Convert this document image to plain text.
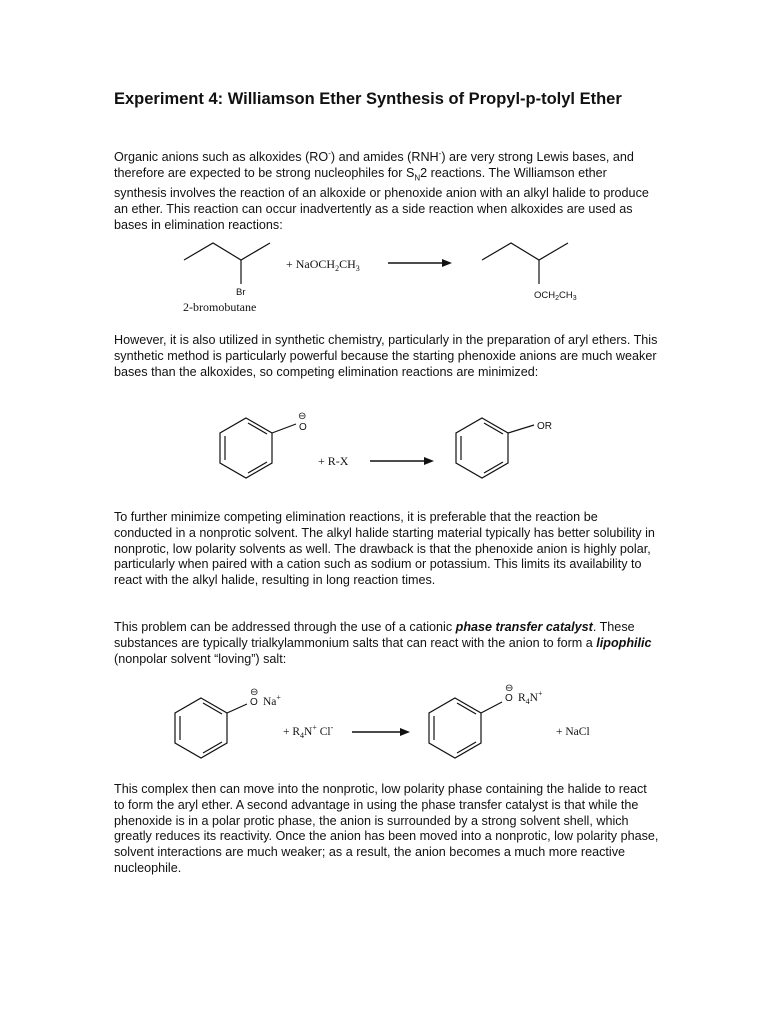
Experiment 4: Williamson Ether Synthesis of Propyl-p-tolyl Ether
Organic anions such as alkoxides (RO-) and amides (RNH-) are very strong Lewis bases, and therefore are expected to be strong nucleophiles for $S_N2$ reactions. The Williamson ether synthesis involves the reaction of an alkoxide or phenoxide anion with an alkyl halide to produce an ether. This reaction can occur inadvertently as a side reaction when alkoxides are used as bases in elimination reactions:
Br
2-bromobutane
+ $NaOCH_2CH_3$
$OCH_2CH_3$
However, it is also utilized in synthetic chemistry, particularly in the preparation of aryl ethers. This synthetic method is particularly powerful because the starting phenoxide anions are much weaker bases than the alkoxides, so competing elimination reactions are minimized:
O
⊖
+ R-X
OR
To further minimize competing elimination reactions, it is preferable that the reaction be conducted in a nonprotic solvent. The alkyl halide starting material typically has better solubility in nonprotic, low polarity solvents as well. The drawback is that the phenoxide anion is highly polar, particularly when paired with a cation such as sodium or potassium. This limits its availability to react with the alkyl halide, resulting in long reaction times.
This problem can be addressed through the use of a cationic phase transfer catalyst. These substances are typically trialkylammonium salts that can react with the anion to form a lipophilic (nonpolar solvent “loving”) salt:
O
⊖
Na+
+ $R_4N^+$ Cl-
O
⊖
$R_4N^+$
+ NaCl
This complex then can move into the nonprotic, low polarity phase containing the halide to react to form the aryl ether. A second advantage in using the phase transfer catalyst is that while the phenoxide is in a polar protic phase, the anion is surrounded by a strong solvent shell, which greatly reduces its reactivity. Once the anion has been moved into a nonprotic, low polarity phase, solvent interactions are much weaker; as a result, the anion becomes a much more reactive nucleophile.
